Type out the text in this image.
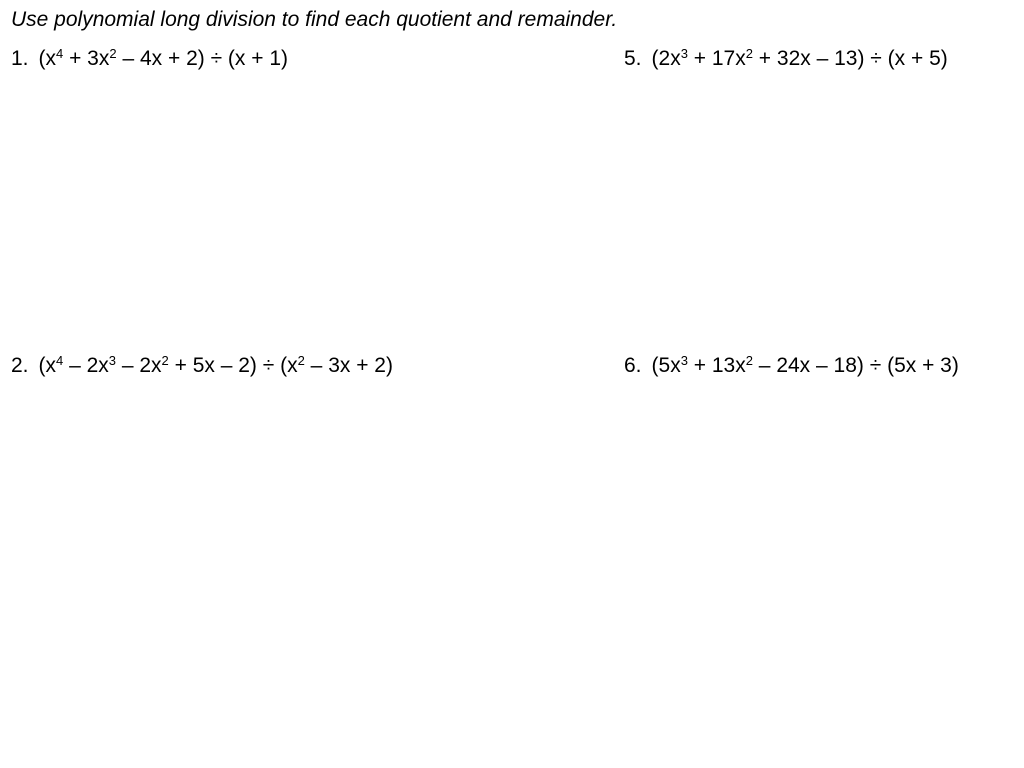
Use polynomial long division to find each quotient and remainder.
1. $(x^4 + 3x^2 - 4x + 2) \div (x + 1)$	5. $(2x^3 + 17x^2 + 32x - 13) \div (x + 5)$
2. $(x^4 - 2x^3 - 2x^2 + 5x - 2) \div (x^2 - 3x + 2)$	6. $(5x^3 + 13x^2 - 24x - 18) \div (5x + 3)$
